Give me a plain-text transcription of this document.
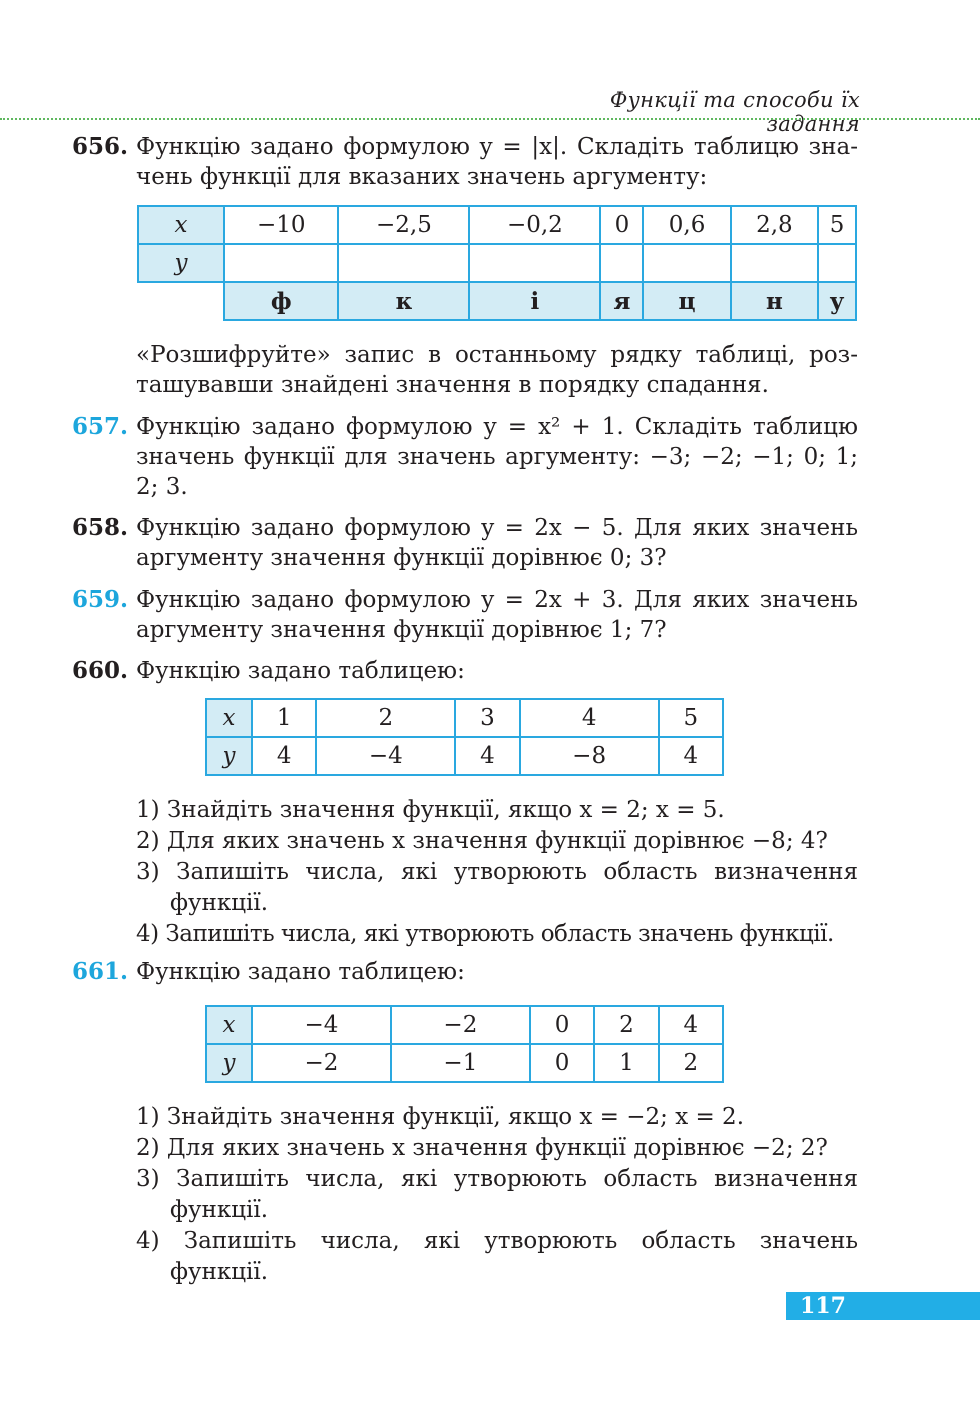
Функції та способи їх задання
656. Функцію задано формулою y = |x|. Складіть таблицю зна-
чень функції для вказаних значень аргументу:
x	−10	−2,5	−0,2	0	0,6	2,8	5
y							
	ф	к	і	я	ц	н	у
«Розшифруйте» запис в останньому рядку таблиці, роз-
ташувавши знайдені значення в порядку спадання.
657. Функцію задано формулою y = x² + 1. Складіть таблицю
значень функції для значень аргументу: −3; −2; −1; 0; 1;
2; 3.
658. Функцію задано формулою y = 2x − 5. Для яких значень
аргументу значення функції дорівнює 0; 3?
659. Функцію задано формулою y = 2x + 3. Для яких значень
аргументу значення функції дорівнює 1; 7?
660. Функцію задано таблицею:
x	1	2	3	4	5
y	4	−4	4	−8	4
1) Знайдіть значення функції, якщо x = 2; x = 5.
2) Для яких значень x значення функції дорівнює −8; 4?
3) Запишіть числа, які утворюють область визначення
функції.
4) Запишіть числа, які утворюють область значень функції.
661. Функцію задано таблицею:
x	−4	−2	0	2	4
y	−2	−1	0	1	2
1) Знайдіть значення функції, якщо x = −2; x = 2.
2) Для яких значень x значення функції дорівнює −2; 2?
3) Запишіть числа, які утворюють область визначення
функції.
4) Запишіть числа, які утворюють область значень
функції.
117
